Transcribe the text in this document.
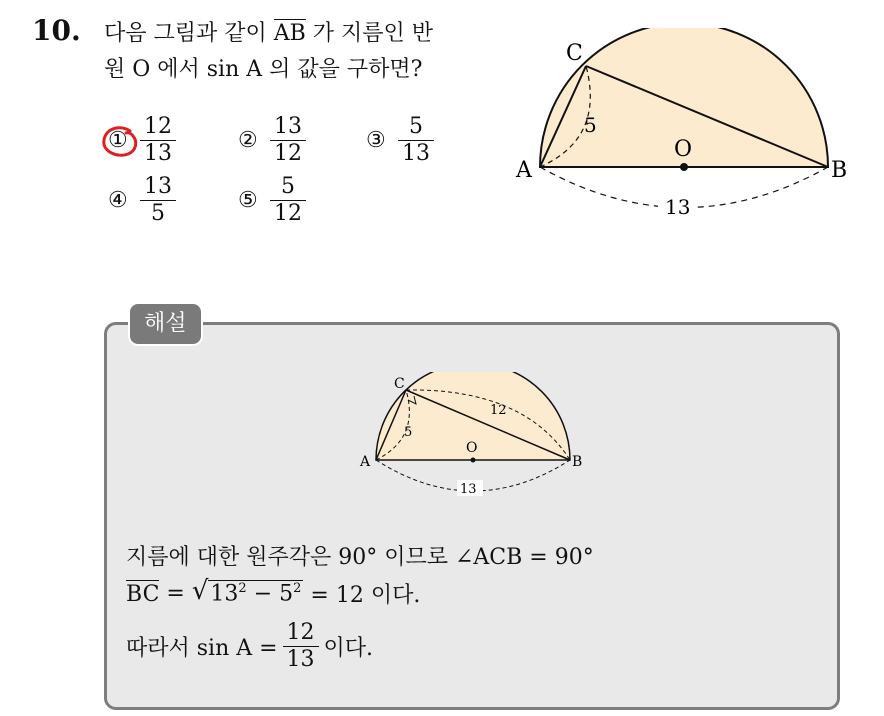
10. 다음 그림과 같이 AB 가 지름인 반
원 O 에서 sin A 의 값을 구하면?
① $\frac{12}{13}$	② $\frac{13}{12}$	③ $\frac{5}{13}$
④ $\frac{13}{5}$	⑤ $\frac{5}{12}$
A	B
C
O
5
13
해설
A	B
C
O
5
12
13
지름에 대한 원주각은 90° 이므로 ∠ACB = 90°
BC = √ $13^2 - 5^2 = 12$ 이다.
따라서 $\sin A = \frac{12}{13}$ 이다.
